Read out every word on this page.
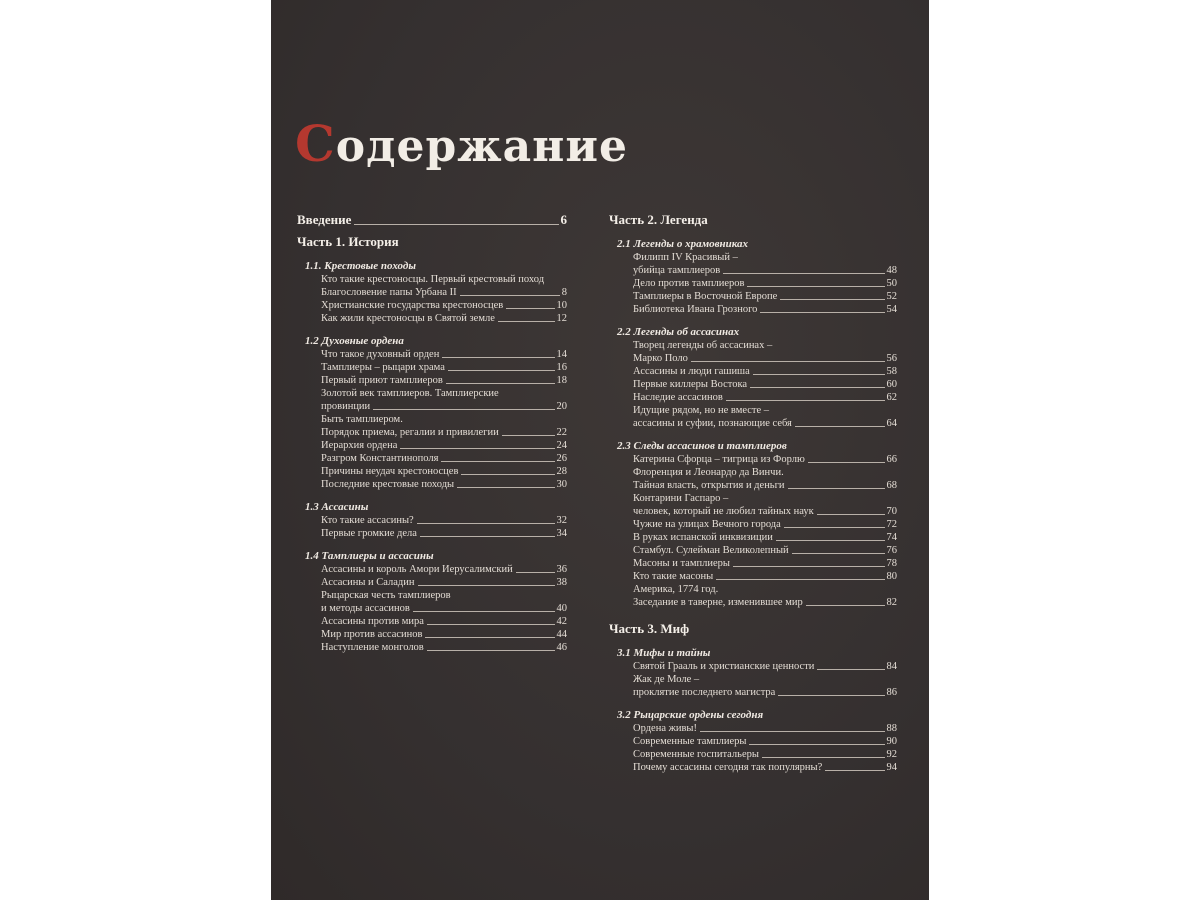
Содержание
Введение	6
Часть 1. История
1.1. Крестовые походы
Кто такие крестоносцы. Первый крестовый поход
Благословение папы Урбана II	8
Христианские государства крестоносцев	10
Как жили крестоносцы в Святой земле	12
1.2 Духовные ордена
Что такое духовный орден	14
Тамплиеры – рыцари храма	16
Первый приют тамплиеров	18
Золотой век тамплиеров. Тамплиерские
провинции	20
Быть тамплиером.
Порядок приема, регалии и привилегии	22
Иерархия ордена	24
Разгром Константинополя	26
Причины неудач крестоносцев	28
Последние крестовые походы	30
1.3 Ассасины
Кто такие ассасины?	32
Первые громкие дела	34
1.4 Тамплиеры и ассасины
Ассасины и король Амори Иерусалимский	36
Ассасины и Саладин	38
Рыцарская честь тамплиеров
и методы ассасинов	40
Ассасины против мира	42
Мир против ассасинов	44
Наступление монголов	46
Часть 2. Легенда
2.1 Легенды о храмовниках
Филипп IV Красивый –
убийца тамплиеров	48
Дело против тамплиеров	50
Тамплиеры в Восточной Европе	52
Библиотека Ивана Грозного	54
2.2 Легенды об ассасинах
Творец легенды об ассасинах –
Марко Поло	56
Ассасины и люди гашиша	58
Первые киллеры Востока	60
Наследие ассасинов	62
Идущие рядом, но не вместе –
ассасины и суфии, познающие себя	64
2.3 Следы ассасинов и тамплиеров
Катерина Сфорца – тигрица из Форлю	66
Флоренция и Леонардо да Винчи.
Тайная власть, открытия и деньги	68
Контарини Гаспаро –
человек, который не любил тайных наук	70
Чужие на улицах Вечного города	72
В руках испанской инквизиции	74
Стамбул. Сулейман Великолепный	76
Масоны и тамплиеры	78
Кто такие масоны	80
Америка, 1774 год.
Заседание в таверне, изменившее мир	82
Часть 3. Миф
3.1 Мифы и тайны
Святой Грааль и христианские ценности	84
Жак де Моле –
проклятие последнего магистра	86
3.2 Рыцарские ордены сегодня
Ордена живы!	88
Современные тамплиеры	90
Современные госпитальеры	92
Почему ассасины сегодня так популярны?	94
